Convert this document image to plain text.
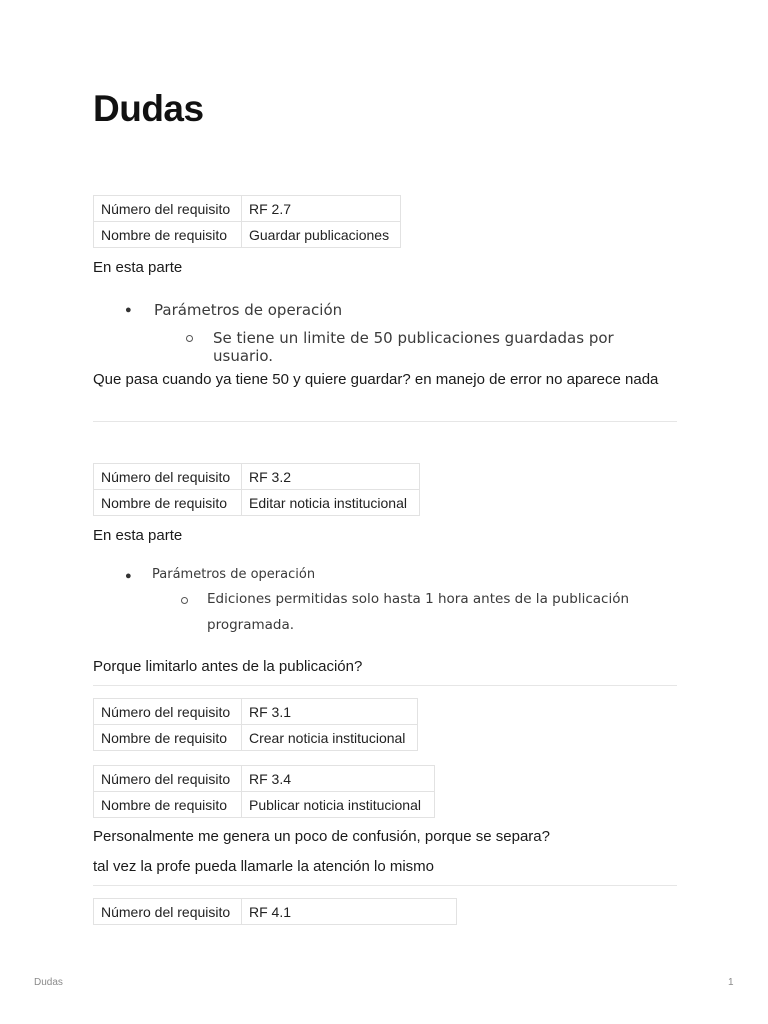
Dudas
Número del requisito	RF 2.7
Nombre de requisito	Guardar publicaciones

En esta parte

● Parámetros de operación
Se tiene un limite de 50 publicaciones guardadas por usuario.

Que pasa cuando ya tiene 50 y quiere guardar? en manejo de error no aparece nada

Número del requisito	RF 3.2
Nombre de requisito	Editar noticia institucional

En esta parte

● Parámetros de operación
Ediciones permitidas solo hasta 1 hora antes de la publicación
programada.

Porque limitarlo antes de la publicación?

Número del requisito	RF 3.1
Nombre de requisito	Crear noticia institucional
Número del requisito	RF 3.4
Nombre de requisito	Publicar noticia institucional

Personalmente me genera un poco de confusión, porque se separa?

tal vez la profe pueda llamarle la atención lo mismo

Número del requisito	RF 4.1
Dudas	1
